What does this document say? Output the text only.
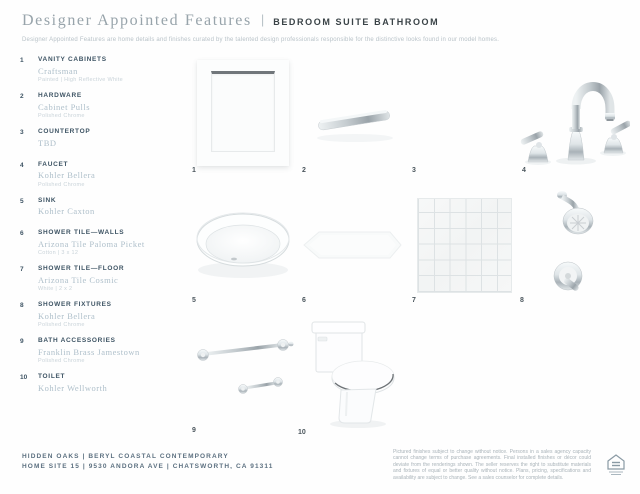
Designer Appointed Features | BEDROOM SUITE BATHROOM

Designer Appointed Features are home details and finishes curated by the talented design professionals responsible for the distinctive looks found in our model homes.

1	VANITY CABINETS
Craftsman
Painted | High Reflective White
2	HARDWARE
Cabinet Pulls
Polished Chrome
3	COUNTERTOP
TBD
4	FAUCET
Kohler Bellera
Polished Chrome
5	SINK
Kohler Caxton
6	SHOWER TILE—WALLS
Arizona Tile Paloma Picket
Cotton | 3 x 12
7	SHOWER TILE—FLOOR
Arizona Tile Cosmic
White | 2 x 2
8	SHOWER FIXTURES
Kohler Bellera
Polished Chrome
9	BATH ACCESSORIES
Franklin Brass Jamestown
Polished Chrome
10	TOILET
Kohler Wellworth
1	2	3	4
5	6	7	8
9	10
HIDDEN OAKS | BERYL COASTAL CONTEMPORARY
HOME SITE 15 | 9530 ANDORA AVE | CHATSWORTH, CA 91311

Pictured finishes subject to change without notice. Persons in a sales agency capacity cannot change terms of purchase agreements. Final installed finishes or décor could deviate from the renderings shown. The seller reserves the right to substitute materials and fixtures of equal or better quality without notice. Plans, pricing, specifications and availability are subject to change. See a sales counselor for complete details.
